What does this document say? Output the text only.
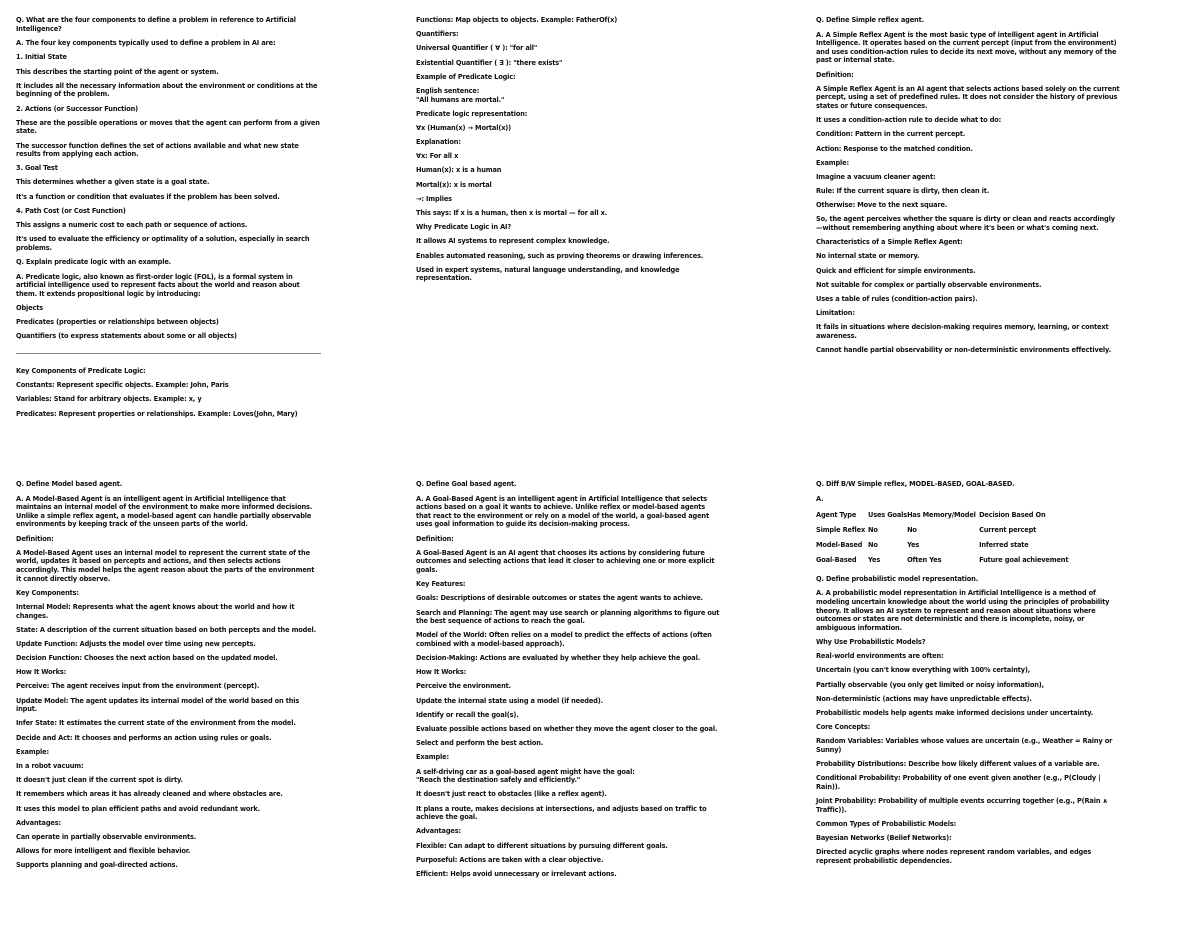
Q. What are the four components to define a problem in reference to Artificial Intelligence?

A. The four key components typically used to define a problem in AI are:

1. Initial State

This describes the starting point of the agent or system.

It includes all the necessary information about the environment or conditions at the beginning of the problem.

2. Actions (or Successor Function)

These are the possible operations or moves that the agent can perform from a given state.

The successor function defines the set of actions available and what new state results from applying each action.

3. Goal Test

This determines whether a given state is a goal state.

It's a function or condition that evaluates if the problem has been solved.

4. Path Cost (or Cost Function)

This assigns a numeric cost to each path or sequence of actions.

It's used to evaluate the efficiency or optimality of a solution, especially in search problems.

Q. Explain predicate logic with an example.

A. Predicate logic, also known as first-order logic (FOL), is a formal system in artificial intelligence used to represent facts about the world and reason about them. It extends propositional logic by introducing:

Objects

Predicates (properties or relationships between objects)

Quantifiers (to express statements about some or all objects)

Key Components of Predicate Logic:

Constants: Represent specific objects. Example: John, Paris

Variables: Stand for arbitrary objects. Example: x, y

Predicates: Represent properties or relationships. Example: Loves(John, Mary)

Functions: Map objects to objects. Example: FatherOf(x)

Quantifiers:

Universal Quantifier ( ∀ ): "for all"

Existential Quantifier ( ∃ ): "there exists"

Example of Predicate Logic:

English sentence:
"All humans are mortal."

Predicate logic representation:

∀x (Human(x) → Mortal(x))

Explanation:

∀x: For all x

Human(x): x is a human

Mortal(x): x is mortal

→: Implies

This says: If x is a human, then x is mortal — for all x.

Why Predicate Logic in AI?

It allows AI systems to represent complex knowledge.

Enables automated reasoning, such as proving theorems or drawing inferences.

Used in expert systems, natural language understanding, and knowledge representation.

Q. Define Simple reflex agent.

A. A Simple Reflex Agent is the most basic type of intelligent agent in Artificial Intelligence. It operates based on the current percept (input from the environment) and uses condition-action rules to decide its next move, without any memory of the past or internal state.

Definition:

A Simple Reflex Agent is an AI agent that selects actions based solely on the current percept, using a set of predefined rules. It does not consider the history of previous states or future consequences.

It uses a condition-action rule to decide what to do:

Condition: Pattern in the current percept.

Action: Response to the matched condition.

Example:

Imagine a vacuum cleaner agent:

Rule: If the current square is dirty, then clean it.

Otherwise: Move to the next square.

So, the agent perceives whether the square is dirty or clean and reacts accordingly—without remembering anything about where it's been or what's coming next.

Characteristics of a Simple Reflex Agent:

No internal state or memory.

Quick and efficient for simple environments.

Not suitable for complex or partially observable environments.

Uses a table of rules (condition-action pairs).

Limitation:

It fails in situations where decision-making requires memory, learning, or context awareness.

Cannot handle partial observability or non-deterministic environments effectively.

Q. Define Model based agent.

A. A Model-Based Agent is an intelligent agent in Artificial Intelligence that maintains an internal model of the environment to make more informed decisions. Unlike a simple reflex agent, a model-based agent can handle partially observable environments by keeping track of the unseen parts of the world.

Definition:

A Model-Based Agent uses an internal model to represent the current state of the world, updates it based on percepts and actions, and then selects actions accordingly. This model helps the agent reason about the parts of the environment it cannot directly observe.

Key Components:

Internal Model: Represents what the agent knows about the world and how it changes.

State: A description of the current situation based on both percepts and the model.

Update Function: Adjusts the model over time using new percepts.

Decision Function: Chooses the next action based on the updated model.

How It Works:

Perceive: The agent receives input from the environment (percept).

Update Model: The agent updates its internal model of the world based on this input.

Infer State: It estimates the current state of the environment from the model.

Decide and Act: It chooses and performs an action using rules or goals.

Example:

In a robot vacuum:

It doesn't just clean if the current spot is dirty.

It remembers which areas it has already cleaned and where obstacles are.

It uses this model to plan efficient paths and avoid redundant work.

Advantages:

Can operate in partially observable environments.

Allows for more intelligent and flexible behavior.

Supports planning and goal-directed actions.

Q. Define Goal based agent.

A. A Goal-Based Agent is an intelligent agent in Artificial Intelligence that selects actions based on a goal it wants to achieve. Unlike reflex or model-based agents that react to the environment or rely on a model of the world, a goal-based agent uses goal information to guide its decision-making process.

Definition:

A Goal-Based Agent is an AI agent that chooses its actions by considering future outcomes and selecting actions that lead it closer to achieving one or more explicit goals.

Key Features:

Goals: Descriptions of desirable outcomes or states the agent wants to achieve.

Search and Planning: The agent may use search or planning algorithms to figure out the best sequence of actions to reach the goal.

Model of the World: Often relies on a model to predict the effects of actions (often combined with a model-based approach).

Decision-Making: Actions are evaluated by whether they help achieve the goal.

How It Works:

Perceive the environment.

Update the internal state using a model (if needed).

Identify or recall the goal(s).

Evaluate possible actions based on whether they move the agent closer to the goal.

Select and perform the best action.

Example:

A self-driving car as a goal-based agent might have the goal:
"Reach the destination safely and efficiently."

It doesn't just react to obstacles (like a reflex agent).

It plans a route, makes decisions at intersections, and adjusts based on traffic to achieve the goal.

Advantages:

Flexible: Can adapt to different situations by pursuing different goals.

Purposeful: Actions are taken with a clear objective.

Efficient: Helps avoid unnecessary or irrelevant actions.

Q. Diff B/W Simple reflex, MODEL-BASED, GOAL-BASED.

A.

Agent Type	Uses Goals	Has Memory/Model	Decision Based On
Simple Reflex	No	No	Current percept
Model-Based	No	Yes	Inferred state
Goal-Based	Yes	Often Yes	Future goal achievement

Q. Define probabilistic model representation.

A. A probabilistic model representation in Artificial Intelligence is a method of modeling uncertain knowledge about the world using the principles of probability theory. It allows an AI system to represent and reason about situations where outcomes or states are not deterministic and there is incomplete, noisy, or ambiguous information.

Why Use Probabilistic Models?

Real-world environments are often:

Uncertain (you can't know everything with 100% certainty),

Partially observable (you only get limited or noisy information),

Non-deterministic (actions may have unpredictable effects).

Probabilistic models help agents make informed decisions under uncertainty.

Core Concepts:

Random Variables: Variables whose values are uncertain (e.g., Weather = Rainy or Sunny)

Probability Distributions: Describe how likely different values of a variable are.

Conditional Probability: Probability of one event given another (e.g., P(Cloudy | Rain)).

Joint Probability: Probability of multiple events occurring together (e.g., P(Rain ∧ Traffic)).

Common Types of Probabilistic Models:

Bayesian Networks (Belief Networks):

Directed acyclic graphs where nodes represent random variables, and edges represent probabilistic dependencies.
